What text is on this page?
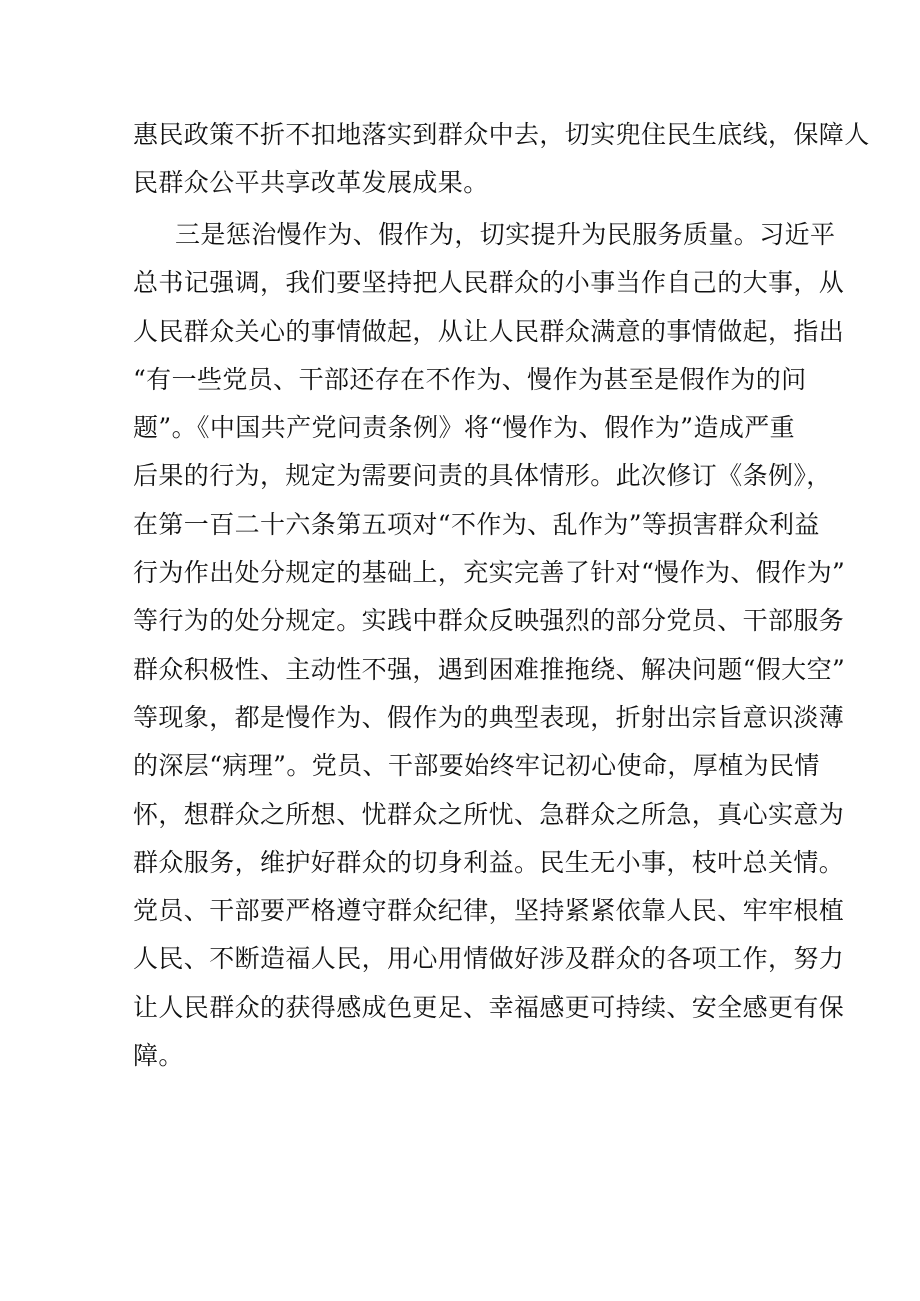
惠民政策不折不扣地落实到群众中去，切实兜住民生底线，保障人
民群众公平共享改革发展成果。
三是惩治慢作为、假作为，切实提升为民服务质量。习近平
总书记强调，我们要坚持把人民群众的小事当作自己的大事，从
人民群众关心的事情做起，从让人民群众满意的事情做起，指出
“有一些党员、干部还存在不作为、慢作为甚至是假作为的问
题”。《中国共产党问责条例》将“慢作为、假作为”造成严重
后果的行为，规定为需要问责的具体情形。此次修订《条例》，
在第一百二十六条第五项对“不作为、乱作为”等损害群众利益
行为作出处分规定的基础上，充实完善了针对“慢作为、假作为”
等行为的处分规定。实践中群众反映强烈的部分党员、干部服务
群众积极性、主动性不强，遇到困难推拖绕、解决问题“假大空”
等现象，都是慢作为、假作为的典型表现，折射出宗旨意识淡薄
的深层“病理”。党员、干部要始终牢记初心使命，厚植为民情
怀，想群众之所想、忧群众之所忧、急群众之所急，真心实意为
群众服务，维护好群众的切身利益。民生无小事，枝叶总关情。
党员、干部要严格遵守群众纪律，坚持紧紧依靠人民、牢牢根植
人民、不断造福人民，用心用情做好涉及群众的各项工作，努力
让人民群众的获得感成色更足、幸福感更可持续、安全感更有保
障。
